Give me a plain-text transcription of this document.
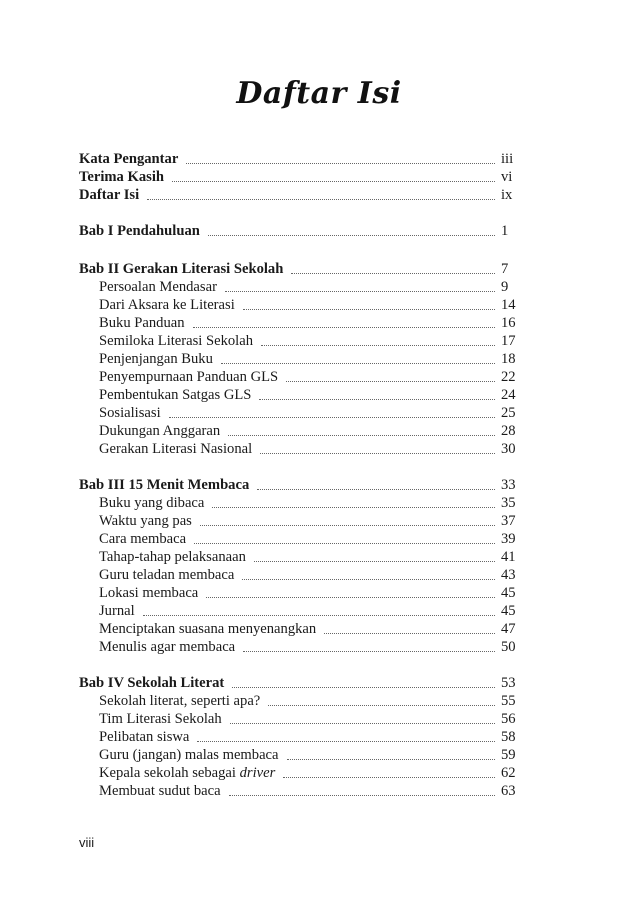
Daftar Isi
Kata Pengantar	iii
Terima Kasih	vi
Daftar Isi	ix
Bab I Pendahuluan	1
Bab II Gerakan Literasi Sekolah	7
Persoalan Mendasar	9
Dari Aksara ke Literasi	14
Buku Panduan	16
Semiloka Literasi Sekolah	17
Penjenjangan Buku	18
Penyempurnaan Panduan GLS	22
Pembentukan Satgas GLS	24
Sosialisasi	25
Dukungan Anggaran	28
Gerakan Literasi Nasional	30
Bab III 15 Menit Membaca	33
Buku yang dibaca	35
Waktu yang pas	37
Cara membaca	39
Tahap-tahap pelaksanaan	41
Guru teladan membaca	43
Lokasi membaca	45
Jurnal	45
Menciptakan suasana menyenangkan	47
Menulis agar membaca	50
Bab IV Sekolah Literat	53
Sekolah literat, seperti apa?	55
Tim Literasi Sekolah	56
Pelibatan siswa	58
Guru (jangan) malas membaca	59
Kepala sekolah sebagai driver	62
Membuat sudut baca	63
viii
